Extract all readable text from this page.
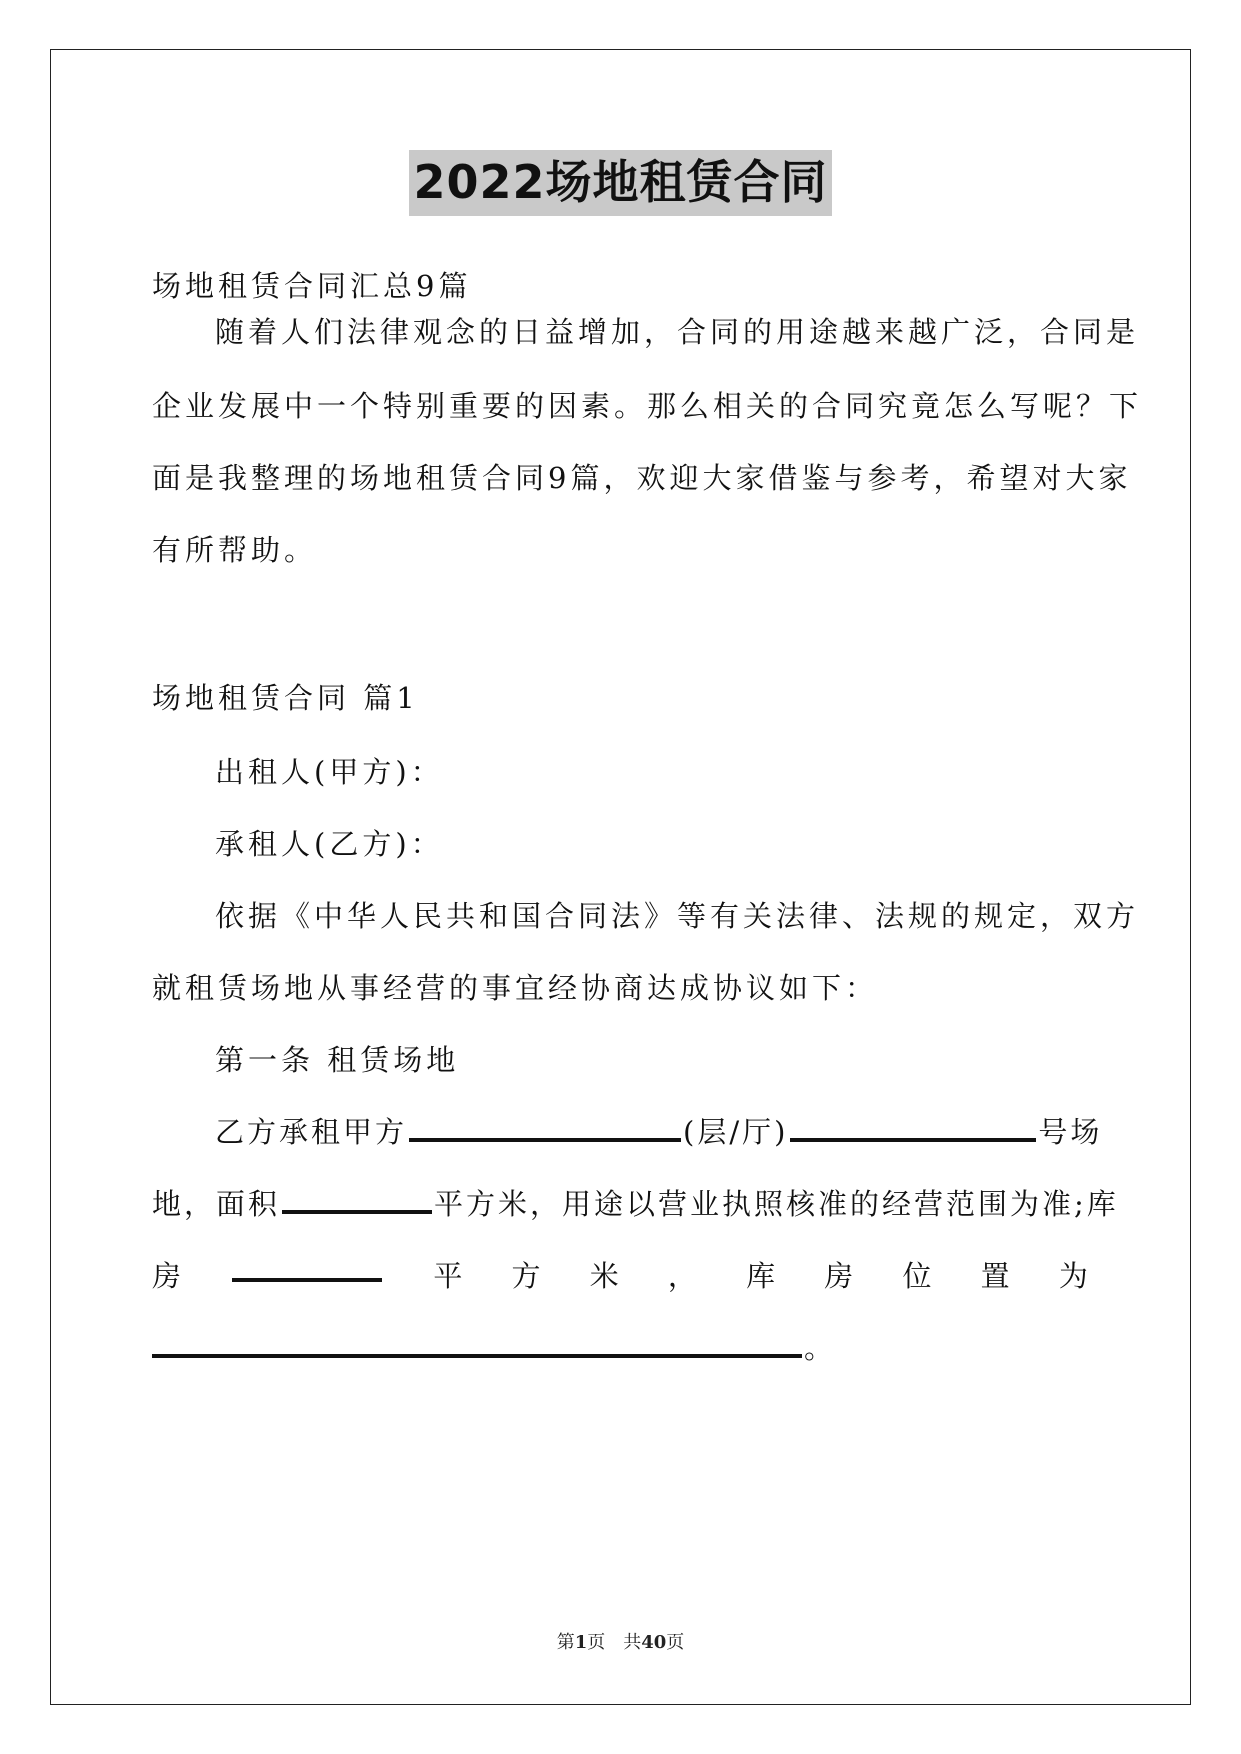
2022场地租赁合同
场地租赁合同汇总9篇
随着人们法律观念的日益增加，合同的用途越来越广泛，合同是
企业发展中一个特别重要的因素。那么相关的合同究竟怎么写呢？下
面是我整理的场地租赁合同9篇，欢迎大家借鉴与参考，希望对大家
有所帮助。
场地租赁合同 篇1
出租人(甲方)：
承租人(乙方)：
依据《中华人民共和国合同法》等有关法律、法规的规定，双方
就租赁场地从事经营的事宜经协商达成协议如下：
第一条 租赁场地
乙方承租甲方	(层/厅)	号场
地，面积	平方米，用途以营业执照核准的经营范围为准;库
房	平 方 米 ， 库 房 位 置 为
。
第1页　共40页
